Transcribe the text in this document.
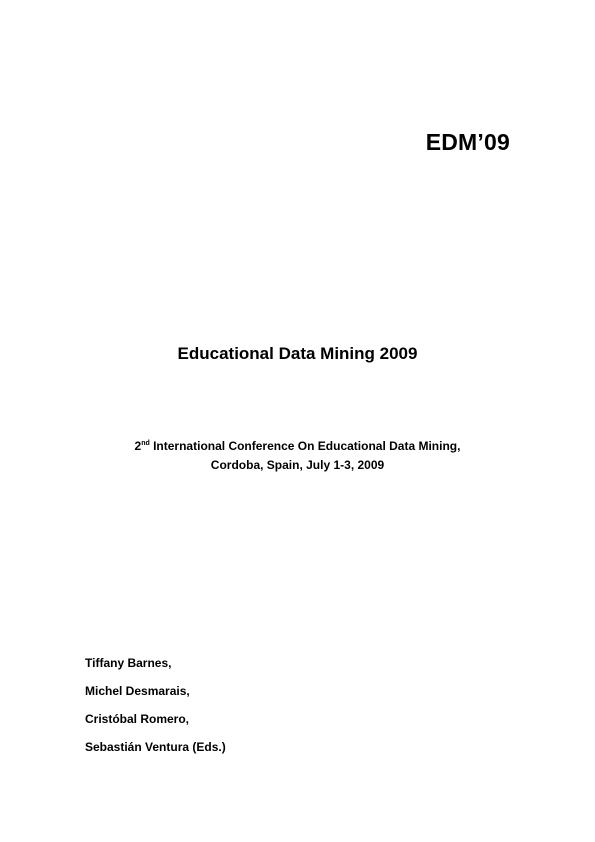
EDM’09
Educational Data Mining 2009
2nd International Conference On Educational Data Mining,
Cordoba, Spain, July 1-3, 2009
Tiffany Barnes,
Michel Desmarais,
Cristóbal Romero,
Sebastián Ventura (Eds.)
